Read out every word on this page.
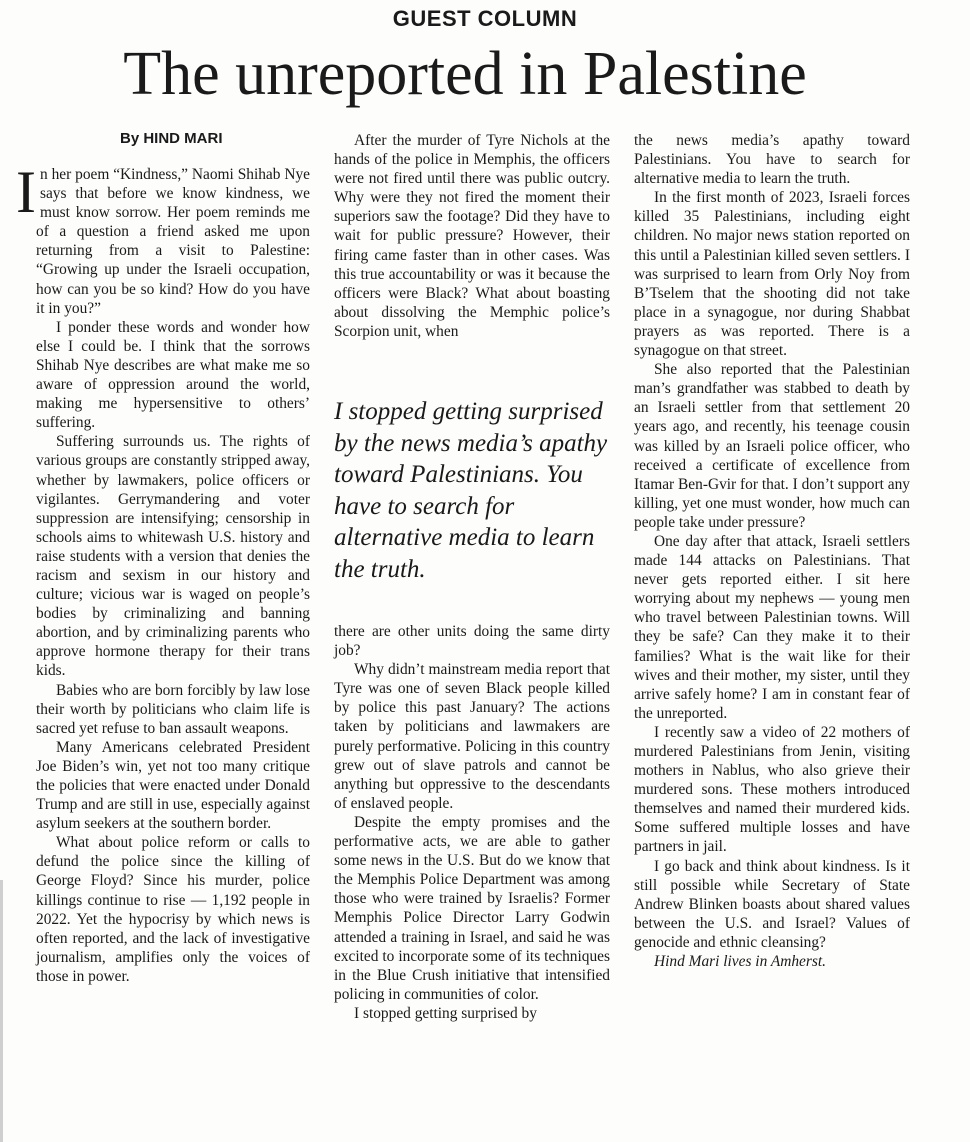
GUEST COLUMN
The unreported in Palestine
By HIND MARI

In her poem “Kindness,” Naomi Shihab Nye says that before we know kindness, we must know sorrow. Her poem reminds me of a question a friend asked me upon returning from a visit to Palestine: “Growing up under the Israeli occupation, how can you be so kind? How do you have it in you?”

I ponder these words and wonder how else I could be. I think that the sorrows Shihab Nye describes are what make me so aware of oppression around the world, making me hypersensitive to others’ suffering.

Suffering surrounds us. The rights of various groups are constantly stripped away, whether by lawmakers, police officers or vigilantes. Gerrymandering and voter suppression are intensifying; censorship in schools aims to whitewash U.S. history and raise students with a version that denies the racism and sexism in our history and culture; vicious war is waged on people’s bodies by criminalizing and banning abortion, and by criminalizing parents who approve hormone therapy for their trans kids.

Babies who are born forcibly by law lose their worth by politicians who claim life is sacred yet refuse to ban assault weapons.

Many Americans celebrated President Joe Biden’s win, yet not too many critique the policies that were enacted under Donald Trump and are still in use, especially against asylum seekers at the southern border.

What about police reform or calls to defund the police since the killing of George Floyd? Since his murder, police killings continue to rise — 1,192 people in 2022. Yet the hypocrisy by which news is often reported, and the lack of investigative journalism, amplifies only the voices of those in power.

After the murder of Tyre Nichols at the hands of the police in Memphis, the officers were not fired until there was public outcry. Why were they not fired the moment their superiors saw the footage? Did they have to wait for public pressure? However, their firing came faster than in other cases. Was this true accountability or was it because the officers were Black? What about boasting about dissolving the Memphic police’s Scorpion unit, when

I stopped getting surprised by the news media’s apathy toward Palestinians. You have to search for alternative media to learn the truth.

there are other units doing the same dirty job?

Why didn’t mainstream media report that Tyre was one of seven Black people killed by police this past January? The actions taken by politicians and lawmakers are purely performative. Policing in this country grew out of slave patrols and cannot be anything but oppressive to the descendants of enslaved people.

Despite the empty promises and the performative acts, we are able to gather some news in the U.S. But do we know that the Memphis Police Department was among those who were trained by Israelis? Former Memphis Police Director Larry Godwin attended a training in Israel, and said he was excited to incorporate some of its techniques in the Blue Crush initiative that intensified policing in communities of color.

I stopped getting surprised by

the news media’s apathy toward Palestinians. You have to search for alternative media to learn the truth.

In the first month of 2023, Israeli forces killed 35 Palestinians, including eight children. No major news station reported on this until a Palestinian killed seven settlers. I was surprised to learn from Orly Noy from B’Tselem that the shooting did not take place in a synagogue, nor during Shabbat prayers as was reported. There is a synagogue on that street.

She also reported that the Palestinian man’s grandfather was stabbed to death by an Israeli settler from that settlement 20 years ago, and recently, his teenage cousin was killed by an Israeli police officer, who received a certificate of excellence from Itamar Ben-Gvir for that. I don’t support any killing, yet one must wonder, how much can people take under pressure?

One day after that attack, Israeli settlers made 144 attacks on Palestinians. That never gets reported either. I sit here worrying about my nephews — young men who travel between Palestinian towns. Will they be safe? Can they make it to their families? What is the wait like for their wives and their mother, my sister, until they arrive safely home? I am in constant fear of the unreported.

I recently saw a video of 22 mothers of murdered Palestinians from Jenin, visiting mothers in Nablus, who also grieve their murdered sons. These mothers introduced themselves and named their murdered kids. Some suffered multiple losses and have partners in jail.

I go back and think about kindness. Is it still possible while Secretary of State Andrew Blinken boasts about shared values between the U.S. and Israel? Values of genocide and ethnic cleansing?

Hind Mari lives in Amherst.
